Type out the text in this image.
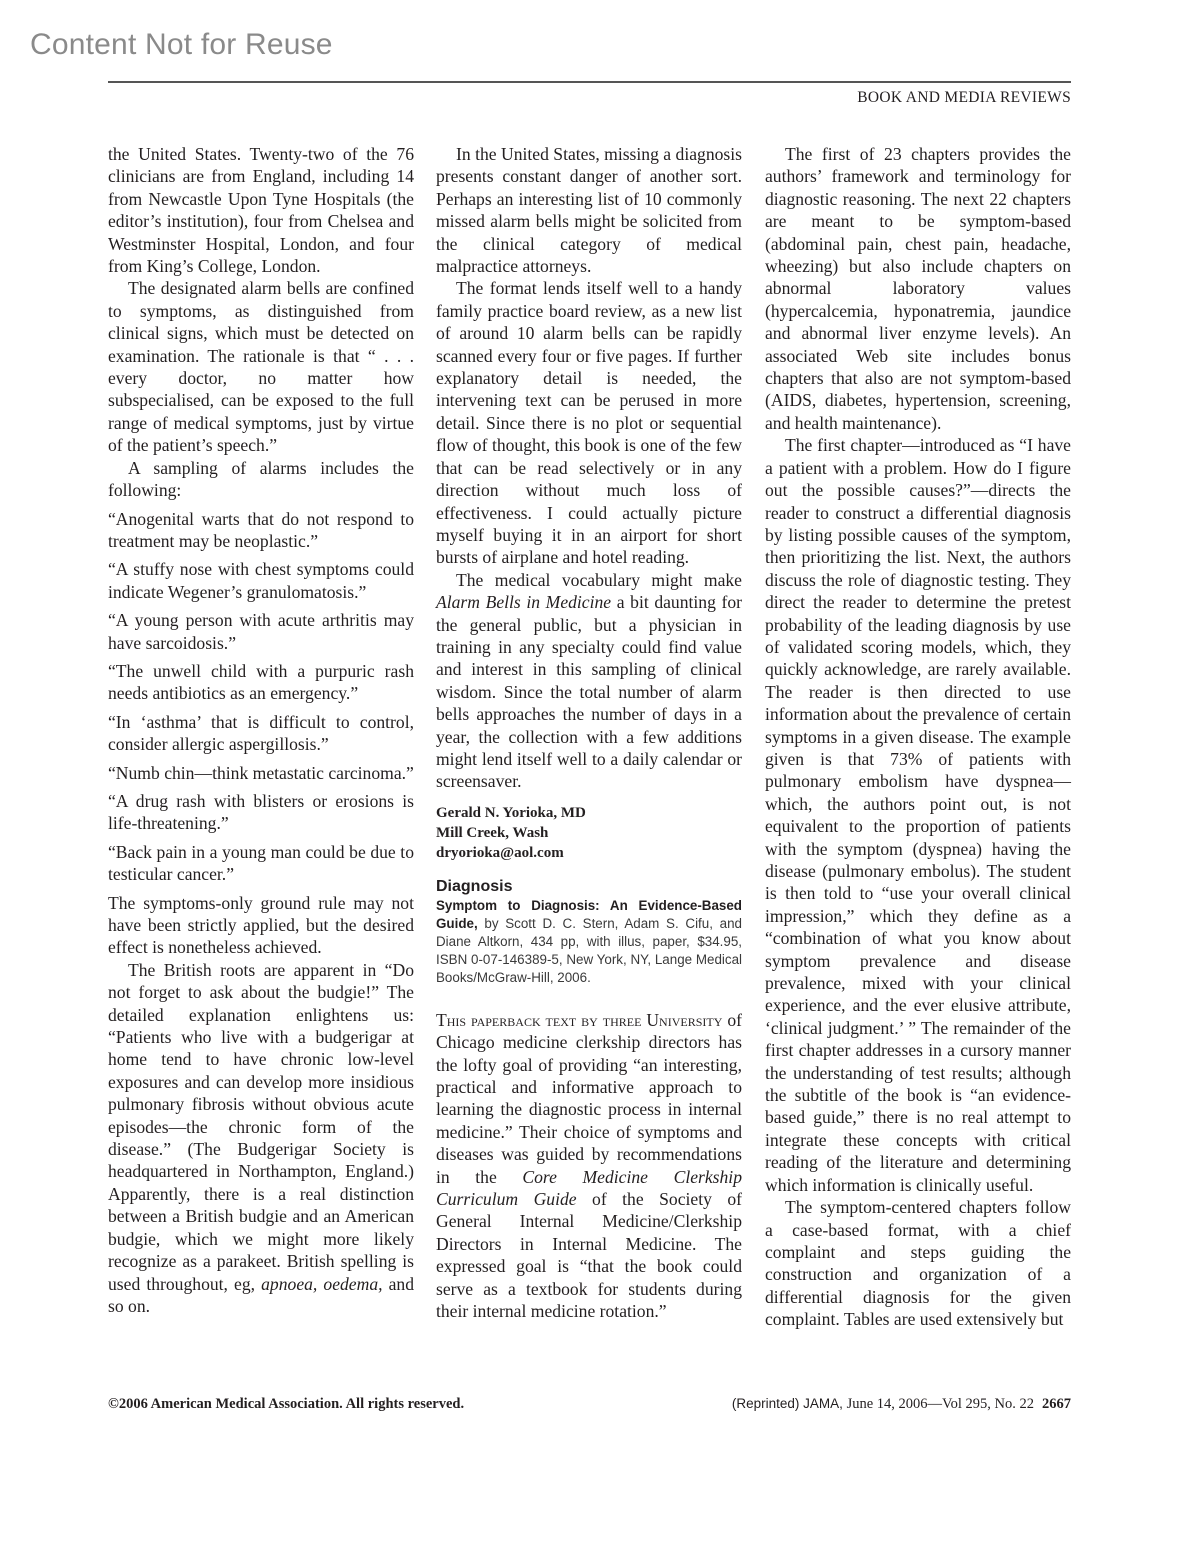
Content Not for Reuse
BOOK AND MEDIA REVIEWS

the United States. Twenty-two of the 76 clinicians are from England, including 14 from Newcastle Upon Tyne Hospitals (the editor’s institution), four from Chelsea and Westminster Hospital, London, and four from King’s College, London.

The designated alarm bells are confined to symptoms, as distinguished from clinical signs, which must be detected on examination. The rationale is that “ . . . every doctor, no matter how subspecialised, can be exposed to the full range of medical symptoms, just by virtue of the patient’s speech.”

A sampling of alarms includes the following:

“Anogenital warts that do not respond to treatment may be neoplastic.”

“A stuffy nose with chest symptoms could indicate Wegener’s granulomatosis.”

“A young person with acute arthritis may have sarcoidosis.”

“The unwell child with a purpuric rash needs antibiotics as an emergency.”

“In ‘asthma’ that is difficult to control, consider allergic aspergillosis.”

“Numb chin—think metastatic carcinoma.”

“A drug rash with blisters or erosions is life-threatening.”

“Back pain in a young man could be due to testicular cancer.”

The symptoms-only ground rule may not have been strictly applied, but the desired effect is nonetheless achieved.

The British roots are apparent in “Do not forget to ask about the budgie!” The detailed explanation enlightens us: “Patients who live with a budgerigar at home tend to have chronic low-level exposures and can develop more insidious pulmonary fibrosis without obvious acute episodes—the chronic form of the disease.” (The Budgerigar Society is headquartered in Northampton, England.) Apparently, there is a real distinction between a British budgie and an American budgie, which we might more likely recognize as a parakeet. British spelling is used throughout, eg, apnoea, oedema, and so on.

In the United States, missing a diagnosis presents constant danger of another sort. Perhaps an interesting list of 10 commonly missed alarm bells might be solicited from the clinical category of medical malpractice attorneys.

The format lends itself well to a handy family practice board review, as a new list of around 10 alarm bells can be rapidly scanned every four or five pages. If further explanatory detail is needed, the intervening text can be perused in more detail. Since there is no plot or sequential flow of thought, this book is one of the few that can be read selectively or in any direction without much loss of effectiveness. I could actually picture myself buying it in an airport for short bursts of airplane and hotel reading.

The medical vocabulary might make Alarm Bells in Medicine a bit daunting for the general public, but a physician in training in any specialty could find value and interest in this sampling of clinical wisdom. Since the total number of alarm bells approaches the number of days in a year, the collection with a few additions might lend itself well to a daily calendar or screensaver.

Gerald N. Yorioka, MD
Mill Creek, Wash
dryorioka@aol.com
Diagnosis

Symptom to Diagnosis: An Evidence-Based Guide, by Scott D. C. Stern, Adam S. Cifu, and Diane Altkorn, 434 pp, with illus, paper, $34.95, ISBN 0-07-146389-5, New York, NY, Lange Medical Books/McGraw-Hill, 2006.

This paperback text by three University of Chicago medicine clerkship directors has the lofty goal of providing “an interesting, practical and informative approach to learning the diagnostic process in internal medicine.” Their choice of symptoms and diseases was guided by recommendations in the Core Medicine Clerkship Curriculum Guide of the Society of General Internal Medicine/Clerkship Directors in Internal Medicine. The expressed goal is “that the book could serve as a textbook for students during their internal medicine rotation.”

The first of 23 chapters provides the authors’ framework and terminology for diagnostic reasoning. The next 22 chapters are meant to be symptom-based (abdominal pain, chest pain, headache, wheezing) but also include chapters on abnormal laboratory values (hypercalcemia, hyponatremia, jaundice and abnormal liver enzyme levels). An associated Web site includes bonus chapters that also are not symptom-based (AIDS, diabetes, hypertension, screening, and health maintenance).

The first chapter—introduced as “I have a patient with a problem. How do I figure out the possible causes?”—directs the reader to construct a differential diagnosis by listing possible causes of the symptom, then prioritizing the list. Next, the authors discuss the role of diagnostic testing. They direct the reader to determine the pretest probability of the leading diagnosis by use of validated scoring models, which, they quickly acknowledge, are rarely available. The reader is then directed to use information about the prevalence of certain symptoms in a given disease. The example given is that 73% of patients with pulmonary embolism have dyspnea—which, the authors point out, is not equivalent to the proportion of patients with the symptom (dyspnea) having the disease (pulmonary embolus). The student is then told to “use your overall clinical impression,” which they define as a “combination of what you know about symptom prevalence and disease prevalence, mixed with your clinical experience, and the ever elusive attribute, ‘clinical judgment.’ ” The remainder of the first chapter addresses in a cursory manner the understanding of test results; although the subtitle of the book is “an evidence-based guide,” there is no real attempt to integrate these concepts with critical reading of the literature and determining which information is clinically useful.

The symptom-centered chapters follow a case-based format, with a chief complaint and steps guiding the construction and organization of a differential diagnosis for the given complaint. Tables are used extensively but

©2006 American Medical Association. All rights reserved.	(Reprinted) JAMA, June 14, 2006—Vol 295, No. 22 2667
